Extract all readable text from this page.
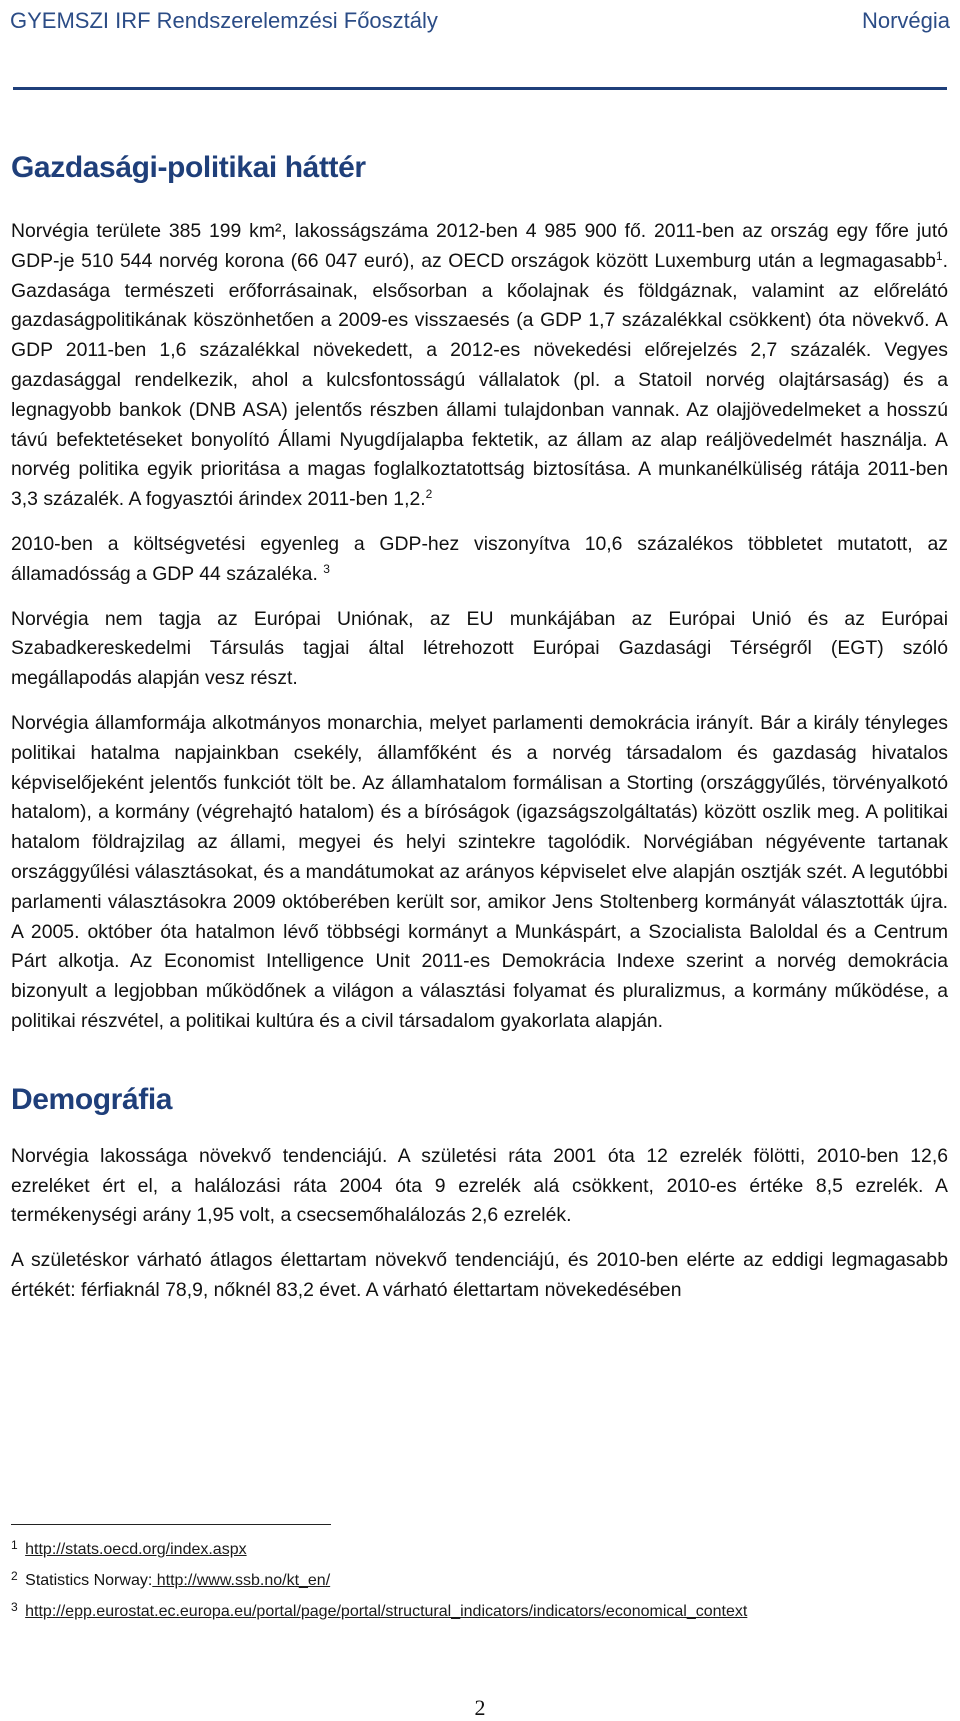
GYEMSZI IRF Rendszerelemzési Főosztály	Norvégia
Gazdasági-politikai háttér

Norvégia területe 385 199 km², lakosságszáma 2012-ben 4 985 900 fő. 2011-ben az ország egy főre jutó GDP-je 510 544 norvég korona (66 047 euró), az OECD országok között Luxemburg után a legmagasabb$^1$. Gazdasága természeti erőforrásainak, elsősorban a kőolajnak és földgáznak, valamint az előrelátó gazdaságpolitikának köszönhetően a 2009-es visszaesés (a GDP 1,7 százalékkal csökkent) óta növekvő. A GDP 2011-ben 1,6 százalékkal növekedett, a 2012-es növekedési előrejelzés 2,7 százalék. Vegyes gazdasággal rendelkezik, ahol a kulcsfontosságú vállalatok (pl. a Statoil norvég olajtársaság) és a legnagyobb bankok (DNB ASA) jelentős részben állami tulajdonban vannak. Az olajjövedelmeket a hosszú távú befektetéseket bonyolító Állami Nyugdíjalapba fektetik, az állam az alap reáljövedelmét használja. A norvég politika egyik prioritása a magas foglalkoztatottság biztosítása. A munkanélküliség rátája 2011-ben 3,3 százalék. A fogyasztói árindex 2011-ben 1,2.$^2$

2010-ben a költségvetési egyenleg a GDP-hez viszonyítva 10,6 százalékos többletet mutatott, az államadósság a GDP 44 százaléka. $^3$

Norvégia nem tagja az Európai Uniónak, az EU munkájában az Európai Unió és az Európai Szabadkereskedelmi Társulás tagjai által létrehozott Európai Gazdasági Térségről (EGT) szóló megállapodás alapján vesz részt.

Norvégia államformája alkotmányos monarchia, melyet parlamenti demokrácia irányít. Bár a király tényleges politikai hatalma napjainkban csekély, államfőként és a norvég társadalom és gazdaság hivatalos képviselőjeként jelentős funkciót tölt be. Az államhatalom formálisan a Storting (országgyűlés, törvényalkotó hatalom), a kormány (végrehajtó hatalom) és a bíróságok (igazságszolgáltatás) között oszlik meg. A politikai hatalom földrajzilag az állami, megyei és helyi szintekre tagolódik. Norvégiában négyévente tartanak országgyűlési választásokat, és a mandátumokat az arányos képviselet elve alapján osztják szét. A legutóbbi parlamenti választásokra 2009 októberében került sor, amikor Jens Stoltenberg kormányát választották újra. A 2005. október óta hatalmon lévő többségi kormányt a Munkáspárt, a Szocialista Baloldal és a Centrum Párt alkotja. Az Economist Intelligence Unit 2011-es Demokrácia Indexe szerint a norvég demokrácia bizonyult a legjobban működőnek a világon a választási folyamat és pluralizmus, a kormány működése, a politikai részvétel, a politikai kultúra és a civil társadalom gyakorlata alapján.

Demográfia

Norvégia lakossága növekvő tendenciájú. A születési ráta 2001 óta 12 ezrelék fölötti, 2010-ben 12,6 ezreléket ért el, a halálozási ráta 2004 óta 9 ezrelék alá csökkent, 2010-es értéke 8,5 ezrelék. A termékenységi arány 1,95 volt, a csecsemőhalálozás 2,6 ezrelék.

A születéskor várható átlagos élettartam növekvő tendenciájú, és 2010-ben elérte az eddigi legmagasabb értékét: férfiaknál 78,9, nőknél 83,2 évet. A várható élettartam növekedésében

$^1$ http://stats.oecd.org/index.aspx
$^2$ Statistics Norway: http://www.ssb.no/kt_en/
$^3$ http://epp.eurostat.ec.europa.eu/portal/page/portal/structural_indicators/indicators/economical_context
2
